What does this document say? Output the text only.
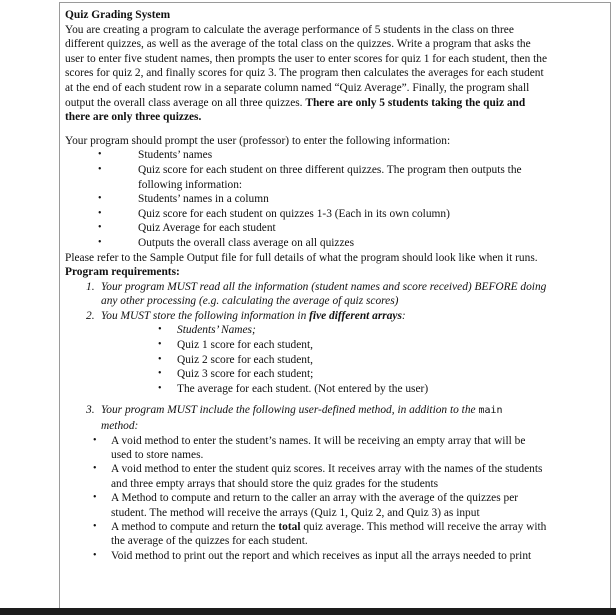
Quiz Grading System

You are creating a program to calculate the average performance of 5 students in the class on three different quizzes, as well as the average of the total class on the quizzes. Write a program that asks the user to enter five student names, then prompts the user to enter scores for quiz 1 for each student, then the scores for quiz 2, and finally scores for quiz 3. The program then calculates the averages for each student at the end of each student row in a separate column named “Quiz Average”. Finally, the program shall output the overall class average on all three quizzes. There are only 5 students taking the quiz and there are only three quizzes.

Your program should prompt the user (professor) to enter the following information:

• Students’ names
• Quiz score for each student on three different quizzes. The program then outputs the following information:
• Students’ names in a column
• Quiz score for each student on quizzes 1-3 (Each in its own column)
• Quiz Average for each student
• Outputs the overall class average on all quizzes

Please refer to the Sample Output file for full details of what the program should look like when it runs.

Program requirements:

1. Your program MUST read all the information (student names and score received) BEFORE doing any other processing (e.g. calculating the average of quiz scores)
2. You MUST store the following information in five different arrays:
• Students’ Names;
• Quiz 1 score for each student,
• Quiz 2 score for each student,
• Quiz 3 score for each student;
• The average for each student. (Not entered by the user)
3. Your program MUST include the following user-defined method, in addition to the main
method:
• A void method to enter the student’s names. It will be receiving an empty array that will be used to store names.
• A void method to enter the student quiz scores. It receives array with the names of the students and three empty arrays that should store the quiz grades for the students
• A Method to compute and return to the caller an array with the average of the quizzes per student. The method will receive the arrays (Quiz 1, Quiz 2, and Quiz 3) as input
• A method to compute and return the total quiz average. This method will receive the array with the average of the quizzes for each student.
• Void method to print out the report and which receives as input all the arrays needed to print
